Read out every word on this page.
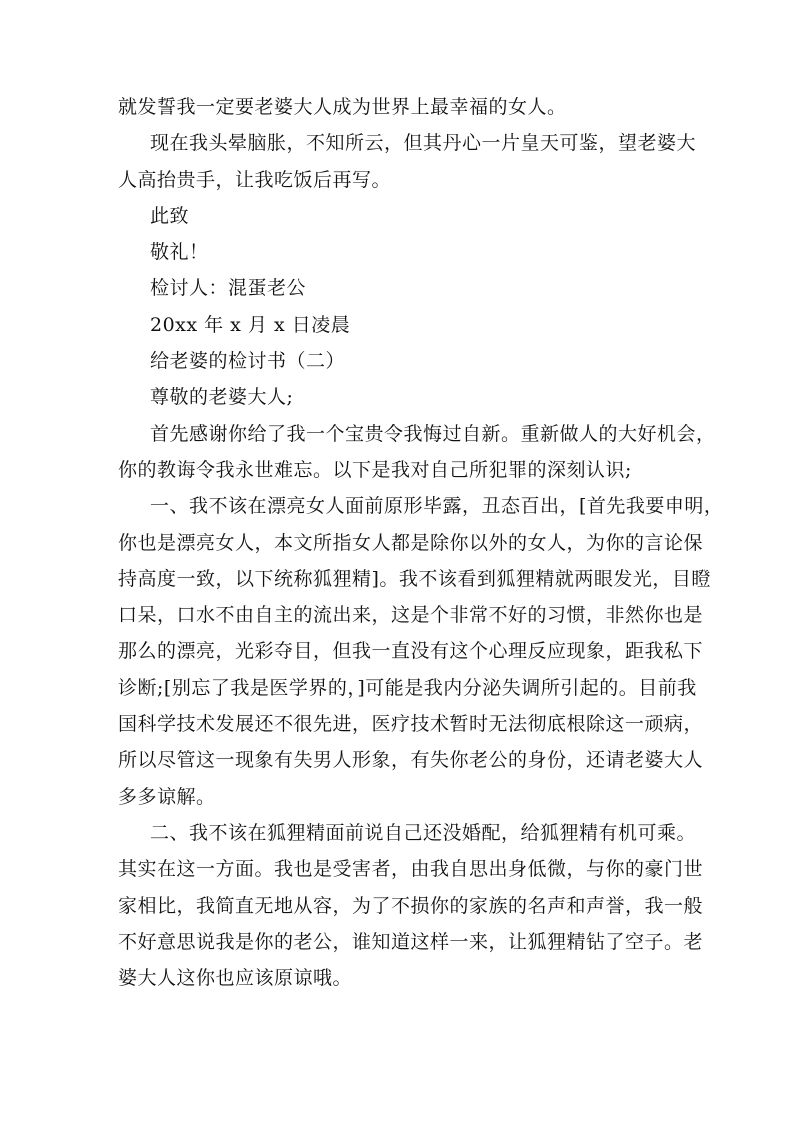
就发誓我一定要老婆大人成为世界上最幸福的女人。
现在我头晕脑胀，不知所云，但其丹心一片皇天可鉴，望老婆大
人高抬贵手，让我吃饭后再写。
此致
敬礼！
检讨人：混蛋老公
20xx 年 x 月 x 日凌晨
给老婆的检讨书（二）
尊敬的老婆大人;
首先感谢你给了我一个宝贵令我悔过自新。重新做人的大好机会，
你的教诲令我永世难忘。以下是我对自己所犯罪的深刻认识;
一、我不该在漂亮女人面前原形毕露，丑态百出，[首先我要申明，
你也是漂亮女人，本文所指女人都是除你以外的女人，为你的言论保
持高度一致，以下统称狐狸精]。我不该看到狐狸精就两眼发光，目瞪
口呆，口水不由自主的流出来，这是个非常不好的习惯，非然你也是
那么的漂亮，光彩夺目，但我一直没有这个心理反应现象，距我私下
诊断;[别忘了我是医学界的，]可能是我内分泌失调所引起的。目前我
国科学技术发展还不很先进，医疗技术暂时无法彻底根除这一顽病，
所以尽管这一现象有失男人形象，有失你老公的身份，还请老婆大人
多多谅解。
二、我不该在狐狸精面前说自己还没婚配，给狐狸精有机可乘。
其实在这一方面。我也是受害者，由我自思出身低微，与你的豪门世
家相比，我简直无地从容，为了不损你的家族的名声和声誉，我一般
不好意思说我是你的老公，谁知道这样一来，让狐狸精钻了空子。老
婆大人这你也应该原谅哦。
